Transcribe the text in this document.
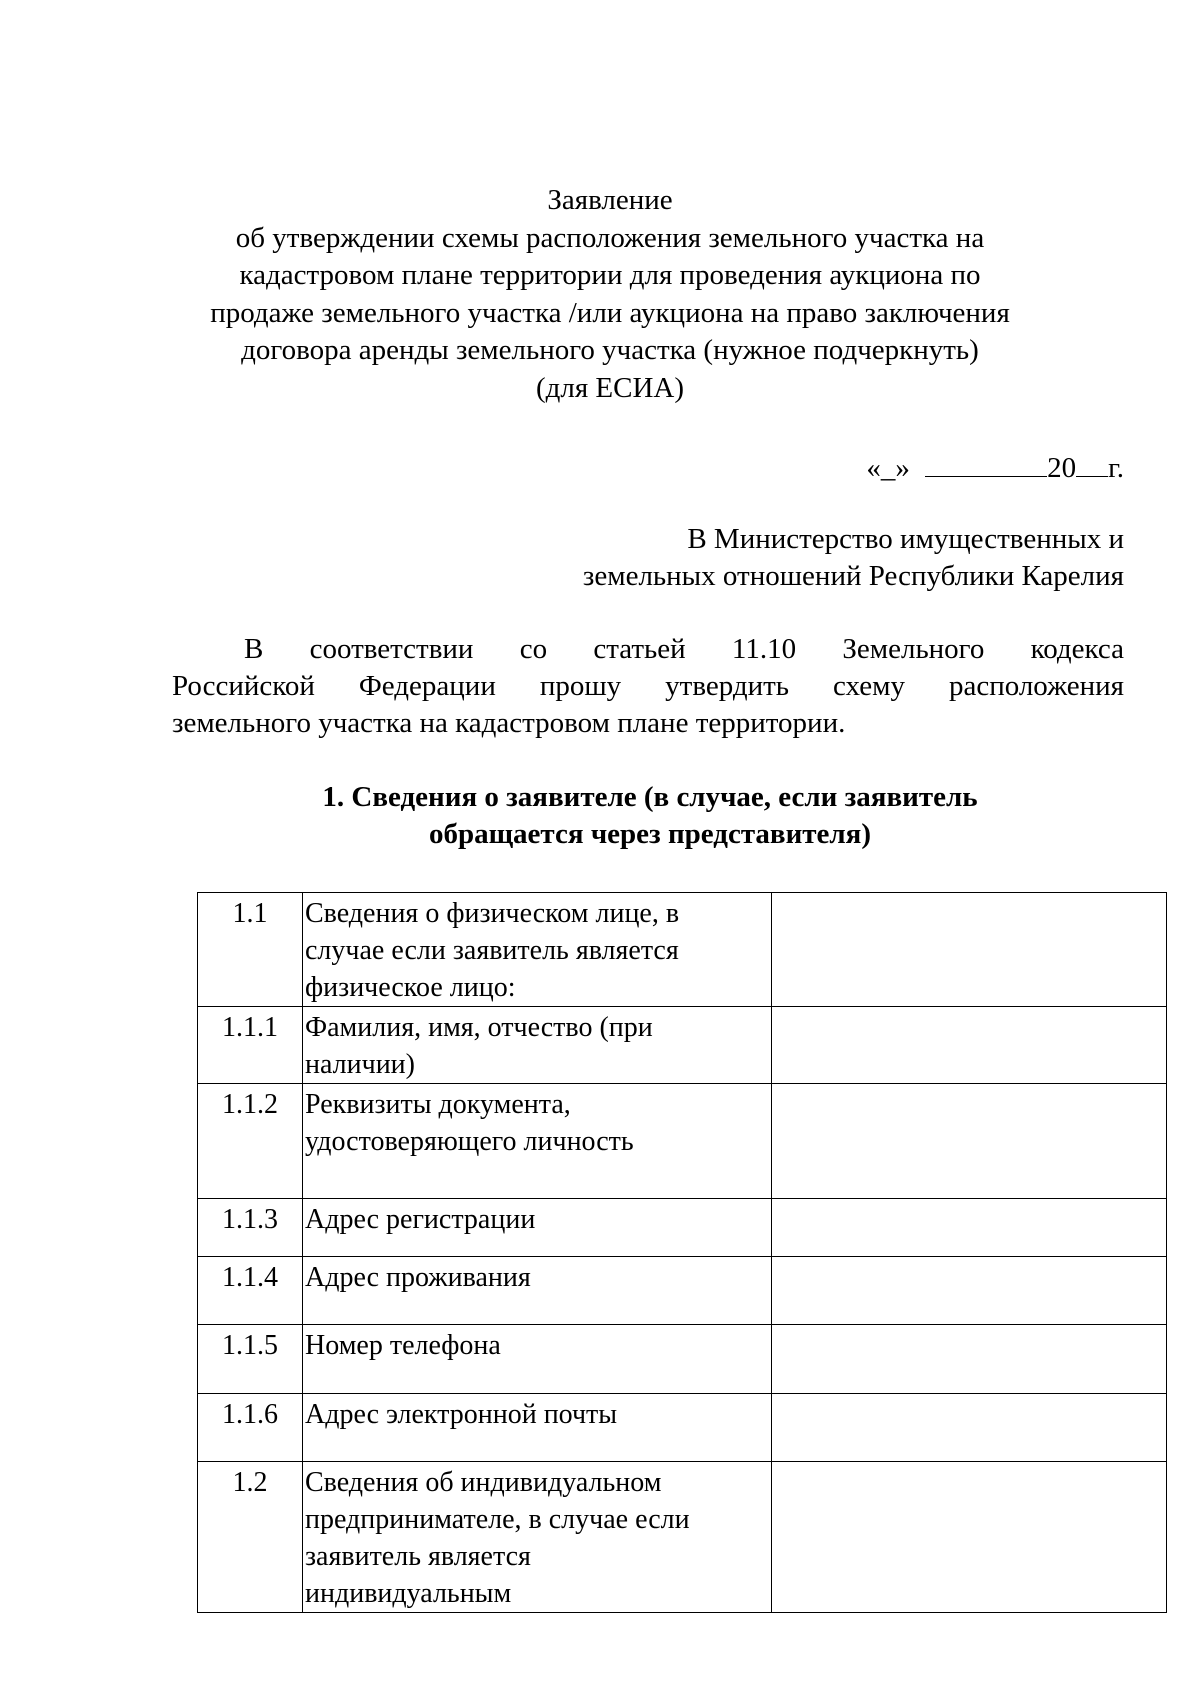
Заявление
об утверждении схемы расположения земельного участка на
кадастровом плане территории для проведения аукциона по
продаже земельного участка /или аукциона на право заключения
договора аренды земельного участка (нужное подчеркнуть)
(для ЕСИА)
«_»	20 г.
В Министерство имущественных и
земельных отношений Республики Карелия
В соответствии со статьей 11.10 Земельного кодекса
Российской Федерации прошу утвердить схему расположения
земельного участка на кадастровом плане территории.
1. Сведения о заявителе (в случае, если заявитель
обращается через представителя)
1.1	Сведения о физическом лице, в
случае если заявитель является
физическое лицо:	

1.1.1	Фамилия, имя, отчество (при
наличии)	

1.1.2	Реквизиты документа,
удостоверяющего личность	

1.1.3	Адрес регистрации	

1.1.4	Адрес проживания	

1.1.5	Номер телефона	

1.1.6	Адрес электронной почты	

1.2	Сведения об индивидуальном
предпринимателе, в случае если
заявитель является
индивидуальным	
